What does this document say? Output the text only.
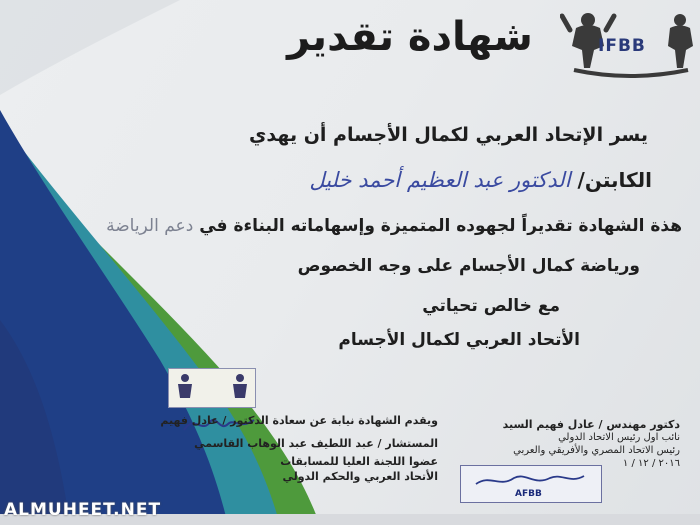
IFBB
شهادة تقدير
يسر الإتحاد العربي لكمال الأجسام أن يهدي
الكابتن/ الدكتور عبد العظيم أحمد خليل
هذة الشهادة تقديراً لجهوده المتميزة وإسهاماته البناءة في دعم الرياضة
ورياضة كمال الأجسام على وجه الخصوص
مع خالص تحياتي
الأتحاد العربي لكمال الأجسام
ويقدم الشهادة نيابة عن سعادة الدكتور / عادل فهيم
المستشار / عبد اللطيف عبد الوهاب القاسمي
عضوا اللجنة العليا للمسابقات
الأتحاد العربي والحكم الدولي
دكتور مهندس / عادل فهيم السيد
نائب اول رئيس الاتحاد الدولي
رئيس الاتحاد المصري والأفريقي والعربي
٢٠١٦ / ١٢ / ١
AFBB
ALMUHEET.NET
